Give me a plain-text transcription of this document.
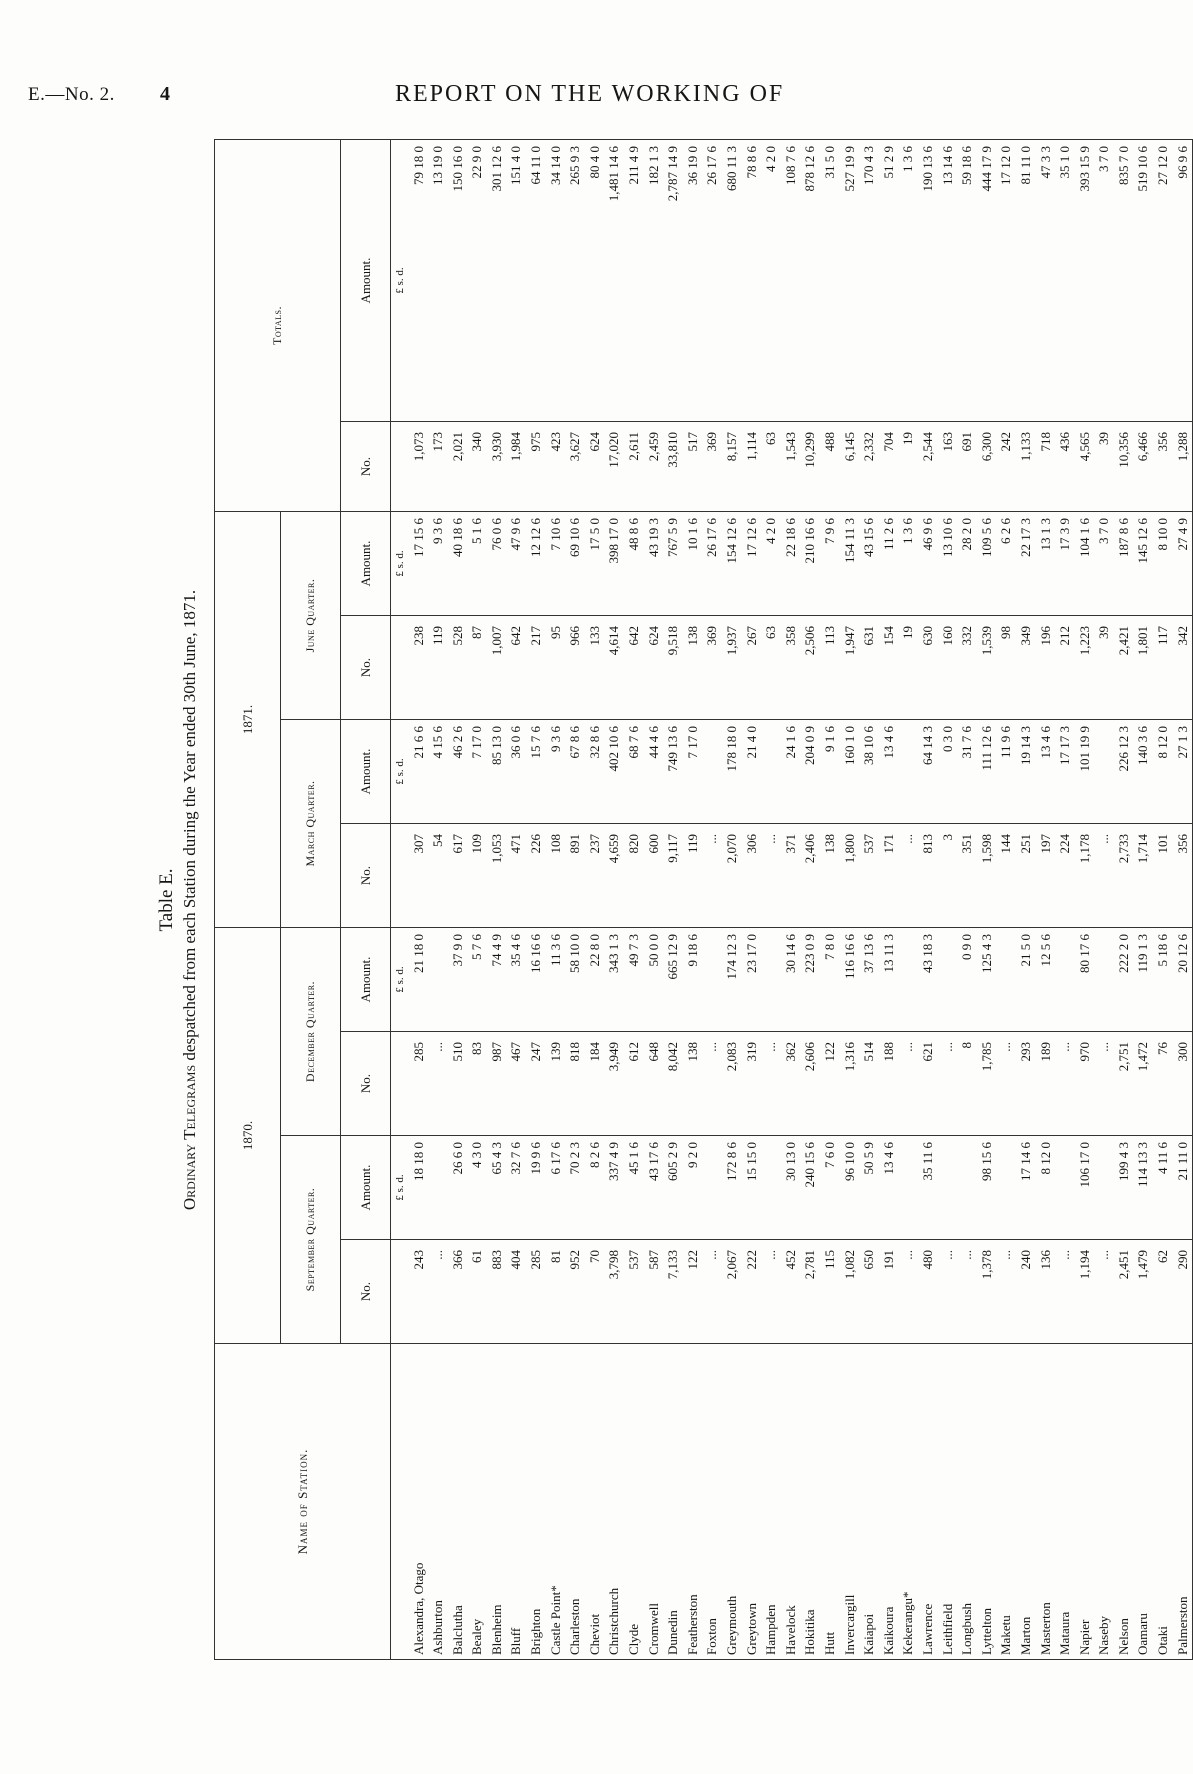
E.—No. 2. 4	REPORT ON THE WORKING OF
Table E.
Ordinary Telegrams despatched from each Station during the Year ended 30th June, 1871.
Name of Station.	1870.				1871.				Totals.	
	September Quarter.		December Quarter.		March Quarter.		June Quarter.			
	No.	Amount.	No.	Amount.	No.	Amount.	No.	Amount.	No.	Amount.
		£ s. d.		£ s. d.		£ s. d.		£ s. d.		£ s. d.
Alexandra, Otago	243	18 18 0	285	21 18 0	307	21 6 6	238	17 15 6	1,073	79 18 0
Ashburton	...		...		54	4 15 6	119	9 3 6	173	13 19 0
Balclutha	366	26 6 0	510	37 9 0	617	46 2 6	528	40 18 6	2,021	150 16 0
Bealey	61	4 3 0	83	5 7 6	109	7 17 0	87	5 1 6	340	22 9 0
Blenheim	883	65 4 3	987	74 4 9	1,053	85 13 0	1,007	76 0 6	3,930	301 12 6
Bluff	404	32 7 6	467	35 4 6	471	36 0 6	642	47 9 6	1,984	151 4 0
Brighton	285	19 9 6	247	16 16 6	226	15 7 6	217	12 12 6	975	64 11 0
Castle Point*	81	6 17 6	139	11 3 6	108	9 3 6	95	7 10 6	423	34 14 0
Charleston	952	70 2 3	818	58 10 0	891	67 8 6	966	69 10 6	3,627	265 9 3
Cheviot	70	8 2 6	184	22 8 0	237	32 8 6	133	17 5 0	624	80 4 0
Christchurch	3,798	337 4 9	3,949	343 1 3	4,659	402 10 6	4,614	398 17 0	17,020	1,481 14 6
Clyde	537	45 1 6	612	49 7 3	820	68 7 6	642	48 8 6	2,611	211 4 9
Cromwell	587	43 17 6	648	50 0 0	600	44 4 6	624	43 19 3	2,459	182 1 3
Dunedin	7,133	605 2 9	8,042	665 12 9	9,117	749 13 6	9,518	767 5 9	33,810	2,787 14 9
Featherston	122	9 2 0	138	9 18 6	119	7 17 0	138	10 1 6	517	36 19 0
Foxton	...		...		...		369	26 17 6	369	26 17 6
Greymouth	2,067	172 8 6	2,083	174 12 3	2,070	178 18 0	1,937	154 12 6	8,157	680 11 3
Greytown	222	15 15 0	319	23 17 0	306	21 4 0	267	17 12 6	1,114	78 8 6
Hampden	...		...		...		63	4 2 0	63	4 2 0
Havelock	452	30 13 0	362	30 14 6	371	24 1 6	358	22 18 6	1,543	108 7 6
Hokitika	2,781	240 15 6	2,606	223 0 9	2,406	204 0 9	2,506	210 16 6	10,299	878 12 6
Hutt	115	7 6 0	122	7 8 0	138	9 1 6	113	7 9 6	488	31 5 0
Invercargill	1,082	96 10 0	1,316	116 16 6	1,800	160 1 0	1,947	154 11 3	6,145	527 19 9
Kaiapoi	650	50 5 9	514	37 13 6	537	38 10 6	631	43 15 6	2,332	170 4 3
Kaikoura	191	13 4 6	188	13 11 3	171	13 4 6	154	11 2 6	704	51 2 9
Kekerangu*	...		...		...		19	1 3 6	19	1 3 6
Lawrence	480	35 11 6	621	43 18 3	813	64 14 3	630	46 9 6	2,544	190 13 6
Leithfield	...		...		3	0 3 0	160	13 10 6	163	13 14 6
Longbush	...		8	0 9 0	351	31 7 6	332	28 2 0	691	59 18 6
Lyttelton	1,378	98 15 6	1,785	125 4 3	1,598	111 12 6	1,539	109 5 6	6,300	444 17 9
Maketu	...		...		144	11 9 6	98	6 2 6	242	17 12 0
Marton	240	17 14 6	293	21 5 0	251	19 14 3	349	22 17 3	1,133	81 11 0
Masterton	136	8 12 0	189	12 5 6	197	13 4 6	196	13 1 3	718	47 3 3
Mataura	...		...		224	17 17 3	212	17 3 9	436	35 1 0
Napier	1,194	106 17 0	970	80 17 6	1,178	101 19 9	1,223	104 1 6	4,565	393 15 9
Naseby	...		...		...		39	3 7 0	39	3 7 0
Nelson	2,451	199 4 3	2,751	222 2 0	2,733	226 12 3	2,421	187 8 6	10,356	835 7 0
Oamaru	1,479	114 13 3	1,472	119 1 3	1,714	140 3 6	1,801	145 12 6	6,466	519 10 6
Otaki	62	4 11 6	76	5 18 6	101	8 12 0	117	8 10 0	356	27 12 0
Palmerston	290	21 11 0	300	20 12 6	356	27 1 3	342	27 4 9	1,288	96 9 6
